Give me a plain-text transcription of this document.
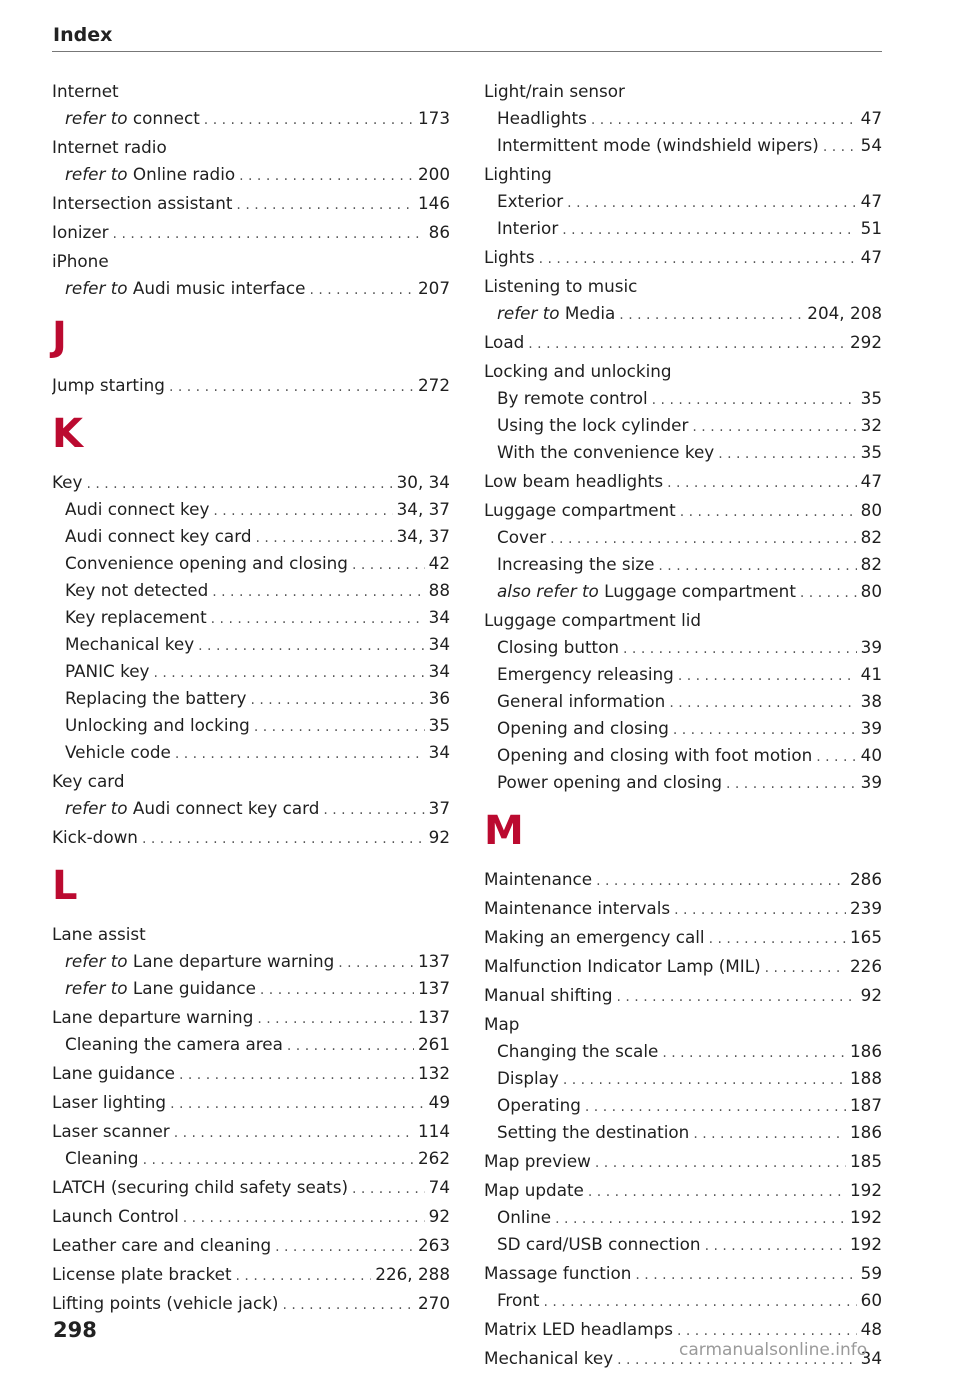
Index
Internet
refer to connect . . .	173
Internet radio
refer to Online radio . . .	200
Intersection assistant . . .	146
Ionizer . . .	86
iPhone
refer to Audi music interface . . .	207
J
Jump starting . . .	272
K
Key . . .	30, 34
Audi connect key . . .	34, 37
Audi connect key card . . .	34, 37
Convenience opening and closing . . .	42
Key not detected . . .	88
Key replacement . . .	34
Mechanical key . . .	34
PANIC key . . .	34
Replacing the battery . . .	36
Unlocking and locking . . .	35
Vehicle code . . .	34
Key card
refer to Audi connect key card . . .	37
Kick-down . . .	92
L
Lane assist
refer to Lane departure warning . . .	137
refer to Lane guidance . . .	137
Lane departure warning . . .	137
Cleaning the camera area . . .	261
Lane guidance . . .	132
Laser lighting . . .	49
Laser scanner . . .	114
Cleaning . . .	262
LATCH (securing child safety seats) . . .	74
Launch Control . . .	92
Leather care and cleaning . . .	263
License plate bracket . . .	226, 288
Lifting points (vehicle jack) . . .	270
Light/rain sensor
Headlights . . .	47
Intermittent mode (windshield wipers) . . . 54
Lighting
Exterior . . .	47
Interior . . .	51
Lights . . .	47
Listening to music
refer to Media . . .	204, 208
Load . . .	292
Locking and unlocking
By remote control . . .	35
Using the lock cylinder . . .	32
With the convenience key . . .	35
Low beam headlights . . .	47
Luggage compartment . . .	80
Cover . . .	82
Increasing the size . . .	82
also refer to Luggage compartment . . .	80
Luggage compartment lid
Closing button . . .	39
Emergency releasing . . .	41
General information . . .	38
Opening and closing . . .	39
Opening and closing with foot motion . . .	40
Power opening and closing . . .	39
M
Maintenance . . .	286
Maintenance intervals . . .	239
Making an emergency call . . .	165
Malfunction Indicator Lamp (MIL) . . .	226
Manual shifting . . .	92
Map
Changing the scale . . .	186
Display . . .	188
Operating . . .	187
Setting the destination . . .	186
Map preview . . .	185
Map update . . .	192
Online . . .	192
SD card/USB connection . . .	192
Massage function . . .	59
Front . . .	60
Matrix LED headlamps . . .	48
Mechanical key . . .	34
298
carmanualsonline.info
